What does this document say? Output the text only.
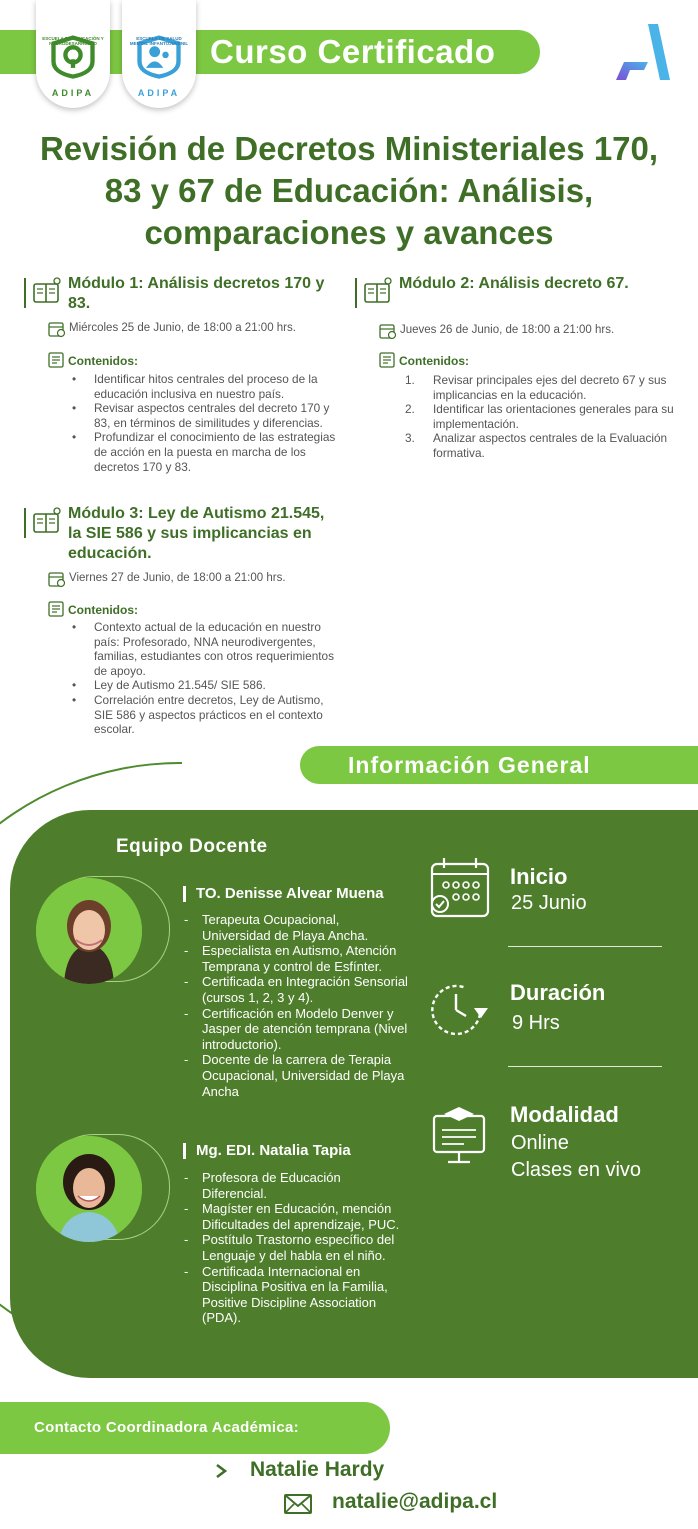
Curso Certificado
ESCUELA DE EDUCACIÓN Y NEURODESARROLLO
ADIPA
ESCUELA DE SALUD MENTAL INFANTOJUVENIL
ADIPA
Revisión de Decretos Ministeriales 170, 83 y 67 de Educación: Análisis, comparaciones y avances
Módulo 1: Análisis decretos 170 y 83.
Miércoles 25 de Junio, de 18:00 a 21:00 hrs.
Contenidos:
• Identificar hitos centrales del proceso de la educación inclusiva en nuestro país.
• Revisar aspectos centrales del decreto 170 y 83, en términos de similitudes y diferencias.
• Profundizar el conocimiento de las estrategias de acción en la puesta en marcha de los decretos 170 y 83.
Módulo 2: Análisis decreto 67.
Jueves 26 de Junio, de 18:00 a 21:00 hrs.
Contenidos:
1. Revisar principales ejes del decreto 67 y sus implicancias en la educación.
2. Identificar las orientaciones generales para su implementación.
3. Analizar aspectos centrales de la Evaluación formativa.
Módulo 3: Ley de Autismo 21.545, la SIE 586 y sus implicancias en educación.
Viernes 27 de Junio, de 18:00 a 21:00 hrs.
Contenidos:
• Contexto actual de la educación en nuestro país: Profesorado, NNA neurodivergentes, familias, estudiantes con otros requerimientos de apoyo.
• Ley de Autismo 21.545/ SIE 586.
• Correlación entre decretos, Ley de Autismo, SIE 586 y aspectos prácticos en el contexto escolar.
Información General
Equipo Docente
TO. Denisse Alvear Muena
- Terapeuta Ocupacional, Universidad de Playa Ancha.
- Especialista en Autismo, Atención Temprana y control de Esfínter.
- Certificada en Integración Sensorial (cursos 1, 2, 3 y 4).
- Certificación en Modelo Denver y Jasper de atención temprana (Nivel introductorio).
- Docente de la carrera de Terapia Ocupacional, Universidad de Playa Ancha
Mg. EDI. Natalia Tapia
- Profesora de Educación Diferencial.
- Magíster en Educación, mención Dificultades del aprendizaje, PUC.
- Postítulo Trastorno específico del Lenguaje y del habla en el niño.
- Certificada Internacional en Disciplina Positiva en la Familia, Positive Discipline Association (PDA).
Inicio
25 Junio
Duración
9 Hrs
Modalidad
Online
Clases en vivo
Contacto Coordinadora Académica:
Natalie Hardy
natalie@adipa.cl
